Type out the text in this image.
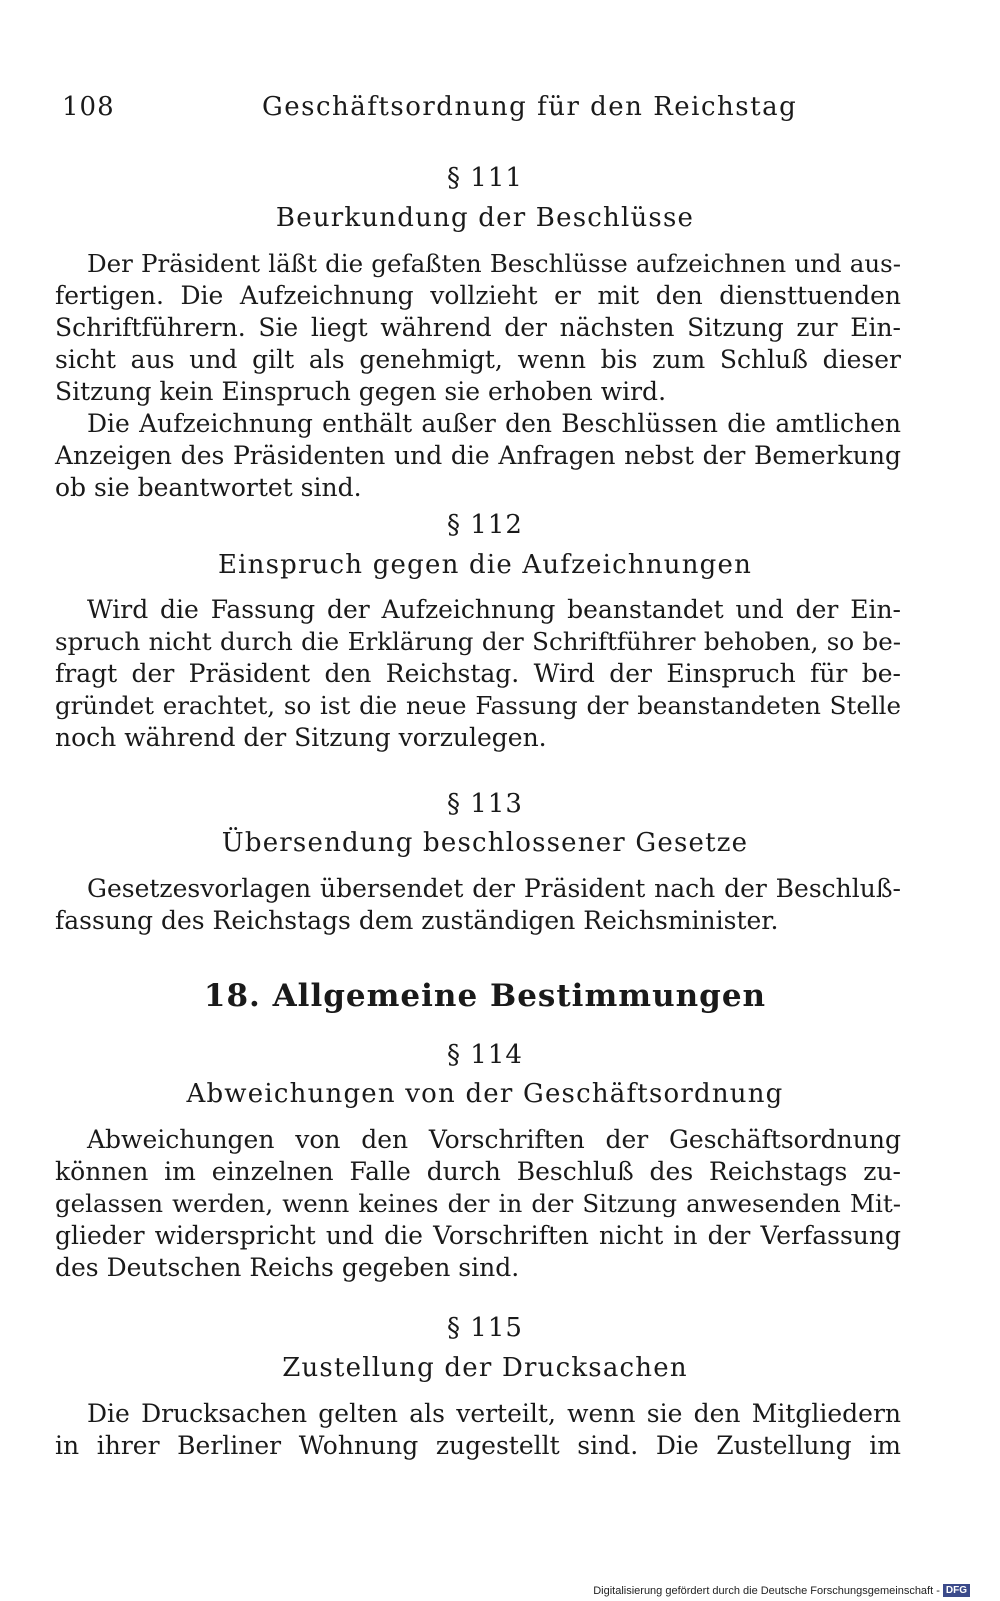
108	Geschäftsordnung für den Reichstag
§ 111
Beurkundung der Beschlüsse
Der Präsident läßt die gefaßten Beschlüsse aufzeichnen und aus-
fertigen. Die Aufzeichnung vollzieht er mit den diensttuenden
Schriftführern. Sie liegt während der nächsten Sitzung zur Ein-
sicht aus und gilt als genehmigt, wenn bis zum Schluß dieser
Sitzung kein Einspruch gegen sie erhoben wird.
Die Aufzeichnung enthält außer den Beschlüssen die amtlichen
Anzeigen des Präsidenten und die Anfragen nebst der Bemerkung
ob sie beantwortet sind.
§ 112
Einspruch gegen die Aufzeichnungen
Wird die Fassung der Aufzeichnung beanstandet und der Ein-
spruch nicht durch die Erklärung der Schriftführer behoben, so be-
fragt der Präsident den Reichstag. Wird der Einspruch für be-
gründet erachtet, so ist die neue Fassung der beanstandeten Stelle
noch während der Sitzung vorzulegen.
§ 113
Übersendung beschlossener Gesetze
Gesetzesvorlagen übersendet der Präsident nach der Beschluß-
fassung des Reichstags dem zuständigen Reichsminister.
18. Allgemeine Bestimmungen
§ 114
Abweichungen von der Geschäftsordnung
Abweichungen von den Vorschriften der Geschäftsordnung
können im einzelnen Falle durch Beschluß des Reichstags zu-
gelassen werden, wenn keines der in der Sitzung anwesenden Mit-
glieder widerspricht und die Vorschriften nicht in der Verfassung
des Deutschen Reichs gegeben sind.
§ 115
Zustellung der Drucksachen
Die Drucksachen gelten als verteilt, wenn sie den Mitgliedern
in ihrer Berliner Wohnung zugestellt sind. Die Zustellung im
Digitalisierung gefördert durch die Deutsche Forschungsgemeinschaft - DFG
